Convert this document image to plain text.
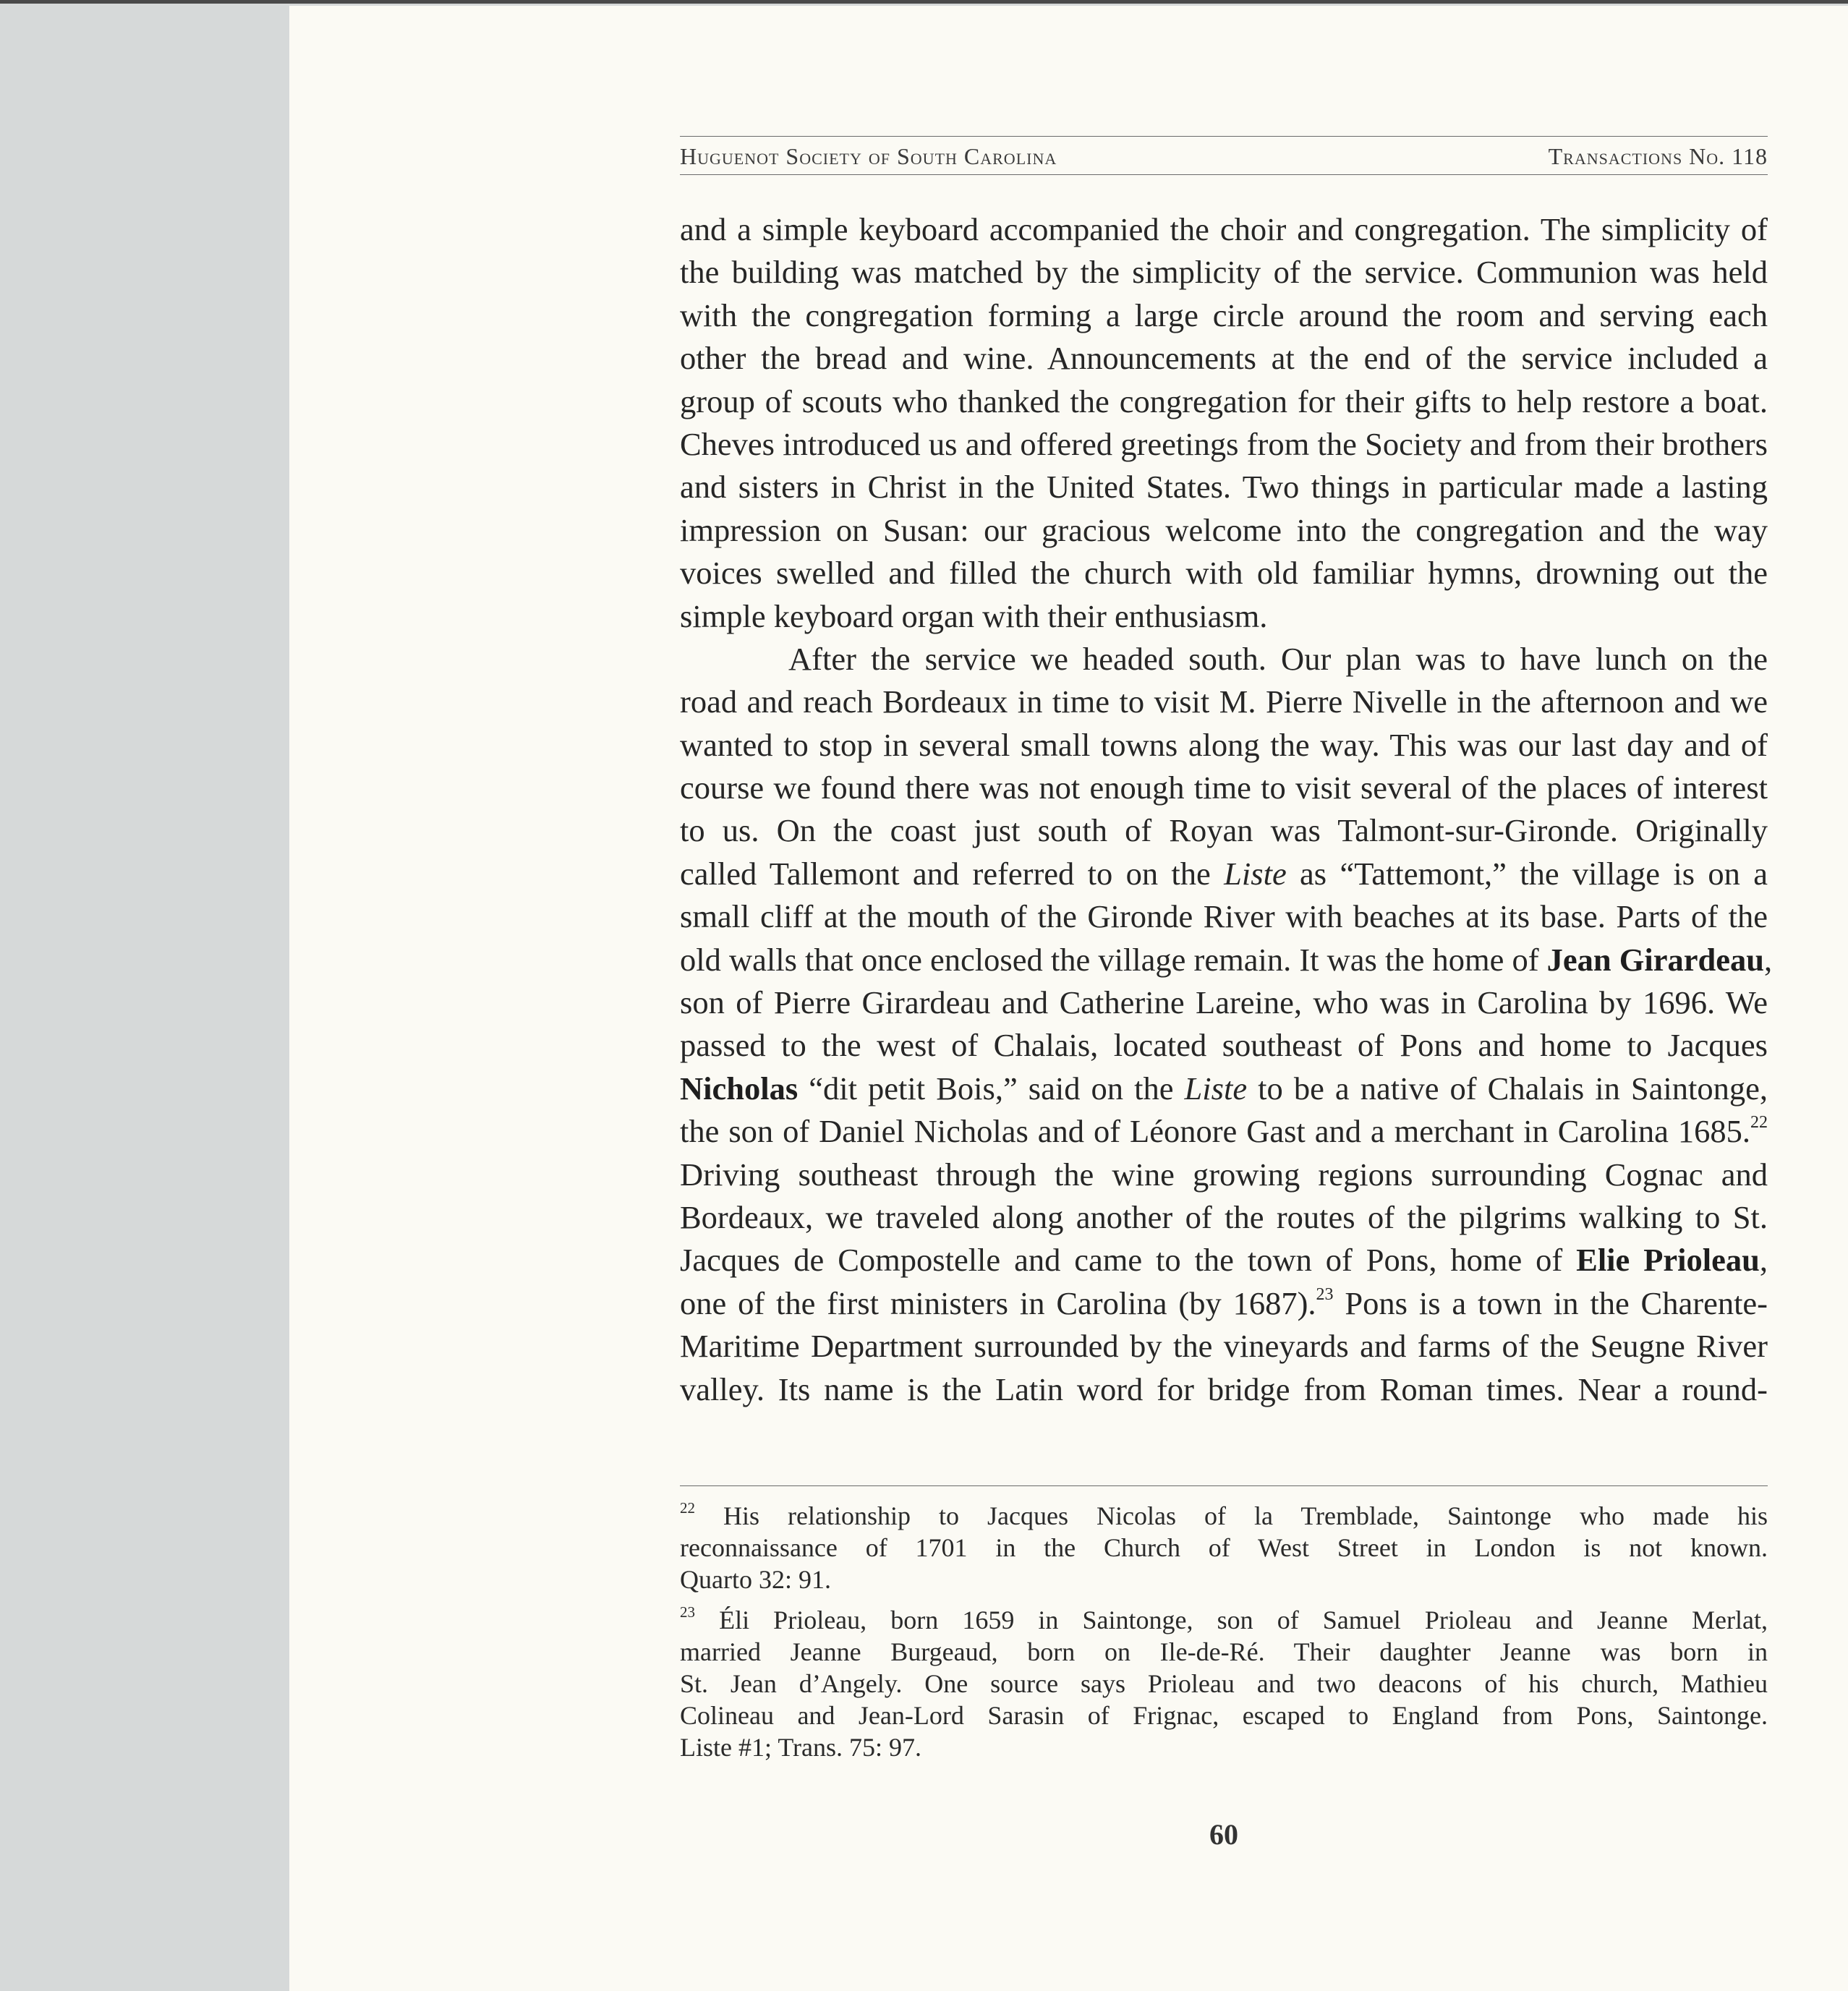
Huguenot Society of South Carolina	Transactions No. 118
and a simple keyboard accompanied the choir and congregation. The simplicity of
the building was matched by the simplicity of the service. Communion was held
with the congregation forming a large circle around the room and serving each
other the bread and wine. Announcements at the end of the service included a
group of scouts who thanked the congregation for their gifts to help restore a boat.
Cheves introduced us and offered greetings from the Society and from their brothers
and sisters in Christ in the United States. Two things in particular made a lasting
impression on Susan: our gracious welcome into the congregation and the way
voices swelled and filled the church with old familiar hymns, drowning out the
simple keyboard organ with their enthusiasm.
After the service we headed south. Our plan was to have lunch on the
road and reach Bordeaux in time to visit M. Pierre Nivelle in the afternoon and we
wanted to stop in several small towns along the way. This was our last day and of
course we found there was not enough time to visit several of the places of interest
to us. On the coast just south of Royan was Talmont-sur-Gironde. Originally
called Tallemont and referred to on the Liste as “Tattemont,” the village is on a
small cliff at the mouth of the Gironde River with beaches at its base. Parts of the
old walls that once enclosed the village remain. It was the home of Jean Girardeau,
son of Pierre Girardeau and Catherine Lareine, who was in Carolina by 1696. We
passed to the west of Chalais, located southeast of Pons and home to Jacques
Nicholas “dit petit Bois,” said on the Liste to be a native of Chalais in Saintonge,
the son of Daniel Nicholas and of Léonore Gast and a merchant in Carolina 1685.22
Driving southeast through the wine growing regions surrounding Cognac and
Bordeaux, we traveled along another of the routes of the pilgrims walking to St.
Jacques de Compostelle and came to the town of Pons, home of Elie Prioleau,
one of the first ministers in Carolina (by 1687).$^{23}$ Pons is a town in the Charente-
Maritime Department surrounded by the vineyards and farms of the Seugne River
valley. Its name is the Latin word for bridge from Roman times. Near a round-
$^{22}$ His relationship to Jacques Nicolas of la Tremblade, Saintonge who made his
reconnaissance of 1701 in the Church of West Street in London is not known.
Quarto 32: 91.
$^{23}$ Éli Prioleau, born 1659 in Saintonge, son of Samuel Prioleau and Jeanne Merlat,
married Jeanne Burgeaud, born on Ile-de-Ré. Their daughter Jeanne was born in
St. Jean d’Angely. One source says Prioleau and two deacons of his church, Mathieu
Colineau and Jean-Lord Sarasin of Frignac, escaped to England from Pons, Saintonge.
Liste #1; Trans. 75: 97.
60
